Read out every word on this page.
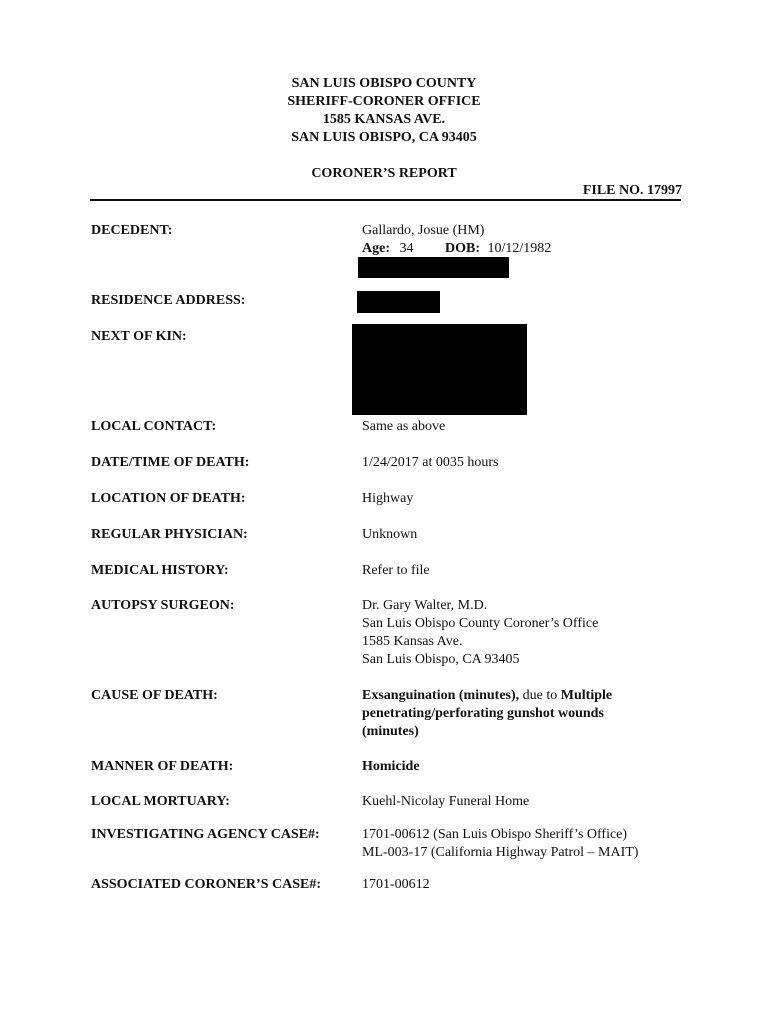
SAN LUIS OBISPO COUNTY
SHERIFF-CORONER OFFICE
1585 KANSAS AVE.
SAN LUIS OBISPO, CA 93405
CORONER’S REPORT
FILE NO. 17997
DECEDENT:	Gallardo, Josue (HM)
Age: 34 DOB: 10/12/1982
RESIDENCE ADDRESS:
NEXT OF KIN:
LOCAL CONTACT:	Same as above
DATE/TIME OF DEATH:	1/24/2017 at 0035 hours
LOCATION OF DEATH:	Highway
REGULAR PHYSICIAN:	Unknown
MEDICAL HISTORY:	Refer to file
AUTOPSY SURGEON:	Dr. Gary Walter, M.D.
San Luis Obispo County Coroner’s Office
1585 Kansas Ave.
San Luis Obispo, CA 93405
CAUSE OF DEATH:	Exsanguination (minutes), due to Multiple
penetrating/perforating gunshot wounds
(minutes)
MANNER OF DEATH:	Homicide
LOCAL MORTUARY:	Kuehl-Nicolay Funeral Home
INVESTIGATING AGENCY CASE#:	1701-00612 (San Luis Obispo Sheriff’s Office)
ML-003-17 (California Highway Patrol – MAIT)
ASSOCIATED CORONER’S CASE#:	1701-00612
